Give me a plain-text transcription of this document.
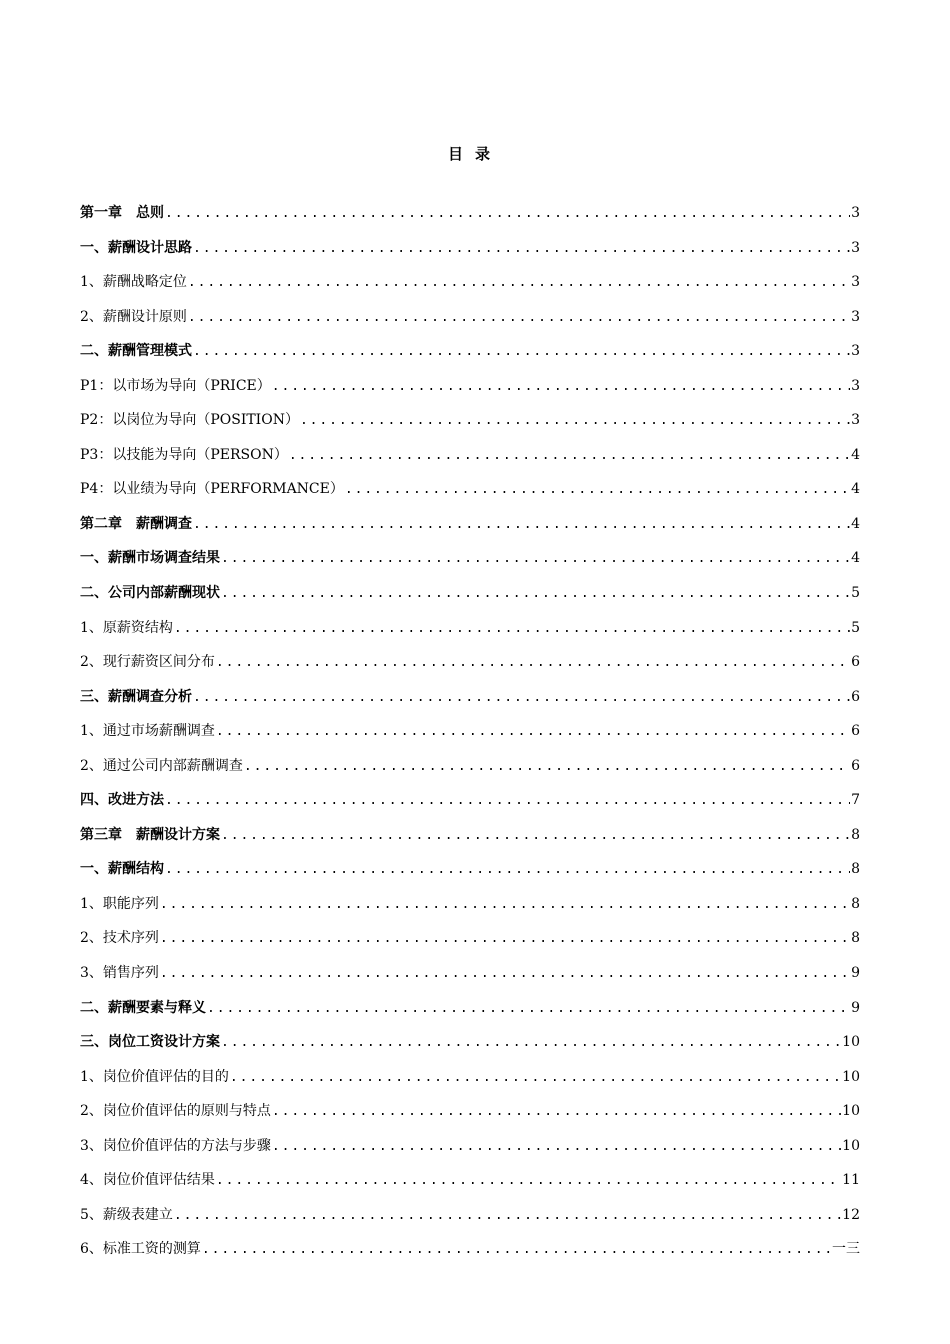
目录
第一章　总则 .....	3
一、薪酬设计思路 .....	3
1、薪酬战略定位 .....	3
2、薪酬设计原则 .....	3
二、薪酬管理模式 .....	3
P1：以市场为导向（PRICE） .....	3
P2：以岗位为导向（POSITION） .....	3
P3：以技能为导向（PERSON） .....	4
P4：以业绩为导向（PERFORMANCE） .....	4
第二章　薪酬调查 .....	4
一、薪酬市场调查结果 .....	4
二、公司内部薪酬现状 .....	5
1、原薪资结构 .....	5
2、现行薪资区间分布 .....	6
三、薪酬调查分析 .....	6
1、通过市场薪酬调查 .....	6
2、通过公司内部薪酬调查 .....	6
四、改进方法 .....	7
第三章　薪酬设计方案 .....	8
一、薪酬结构 .....	8
1、职能序列 .....	8
2、技术序列 .....	8
3、销售序列 .....	9
二、薪酬要素与释义 .....	9
三、岗位工资设计方案 .....	10
1、岗位价值评估的目的 .....	10
2、岗位价值评估的原则与特点 .....	10
3、岗位价值评估的方法与步骤 .....	10
4、岗位价值评估结果 .....	11
5、薪级表建立 .....	12
6、标准工资的测算 .....	一三
